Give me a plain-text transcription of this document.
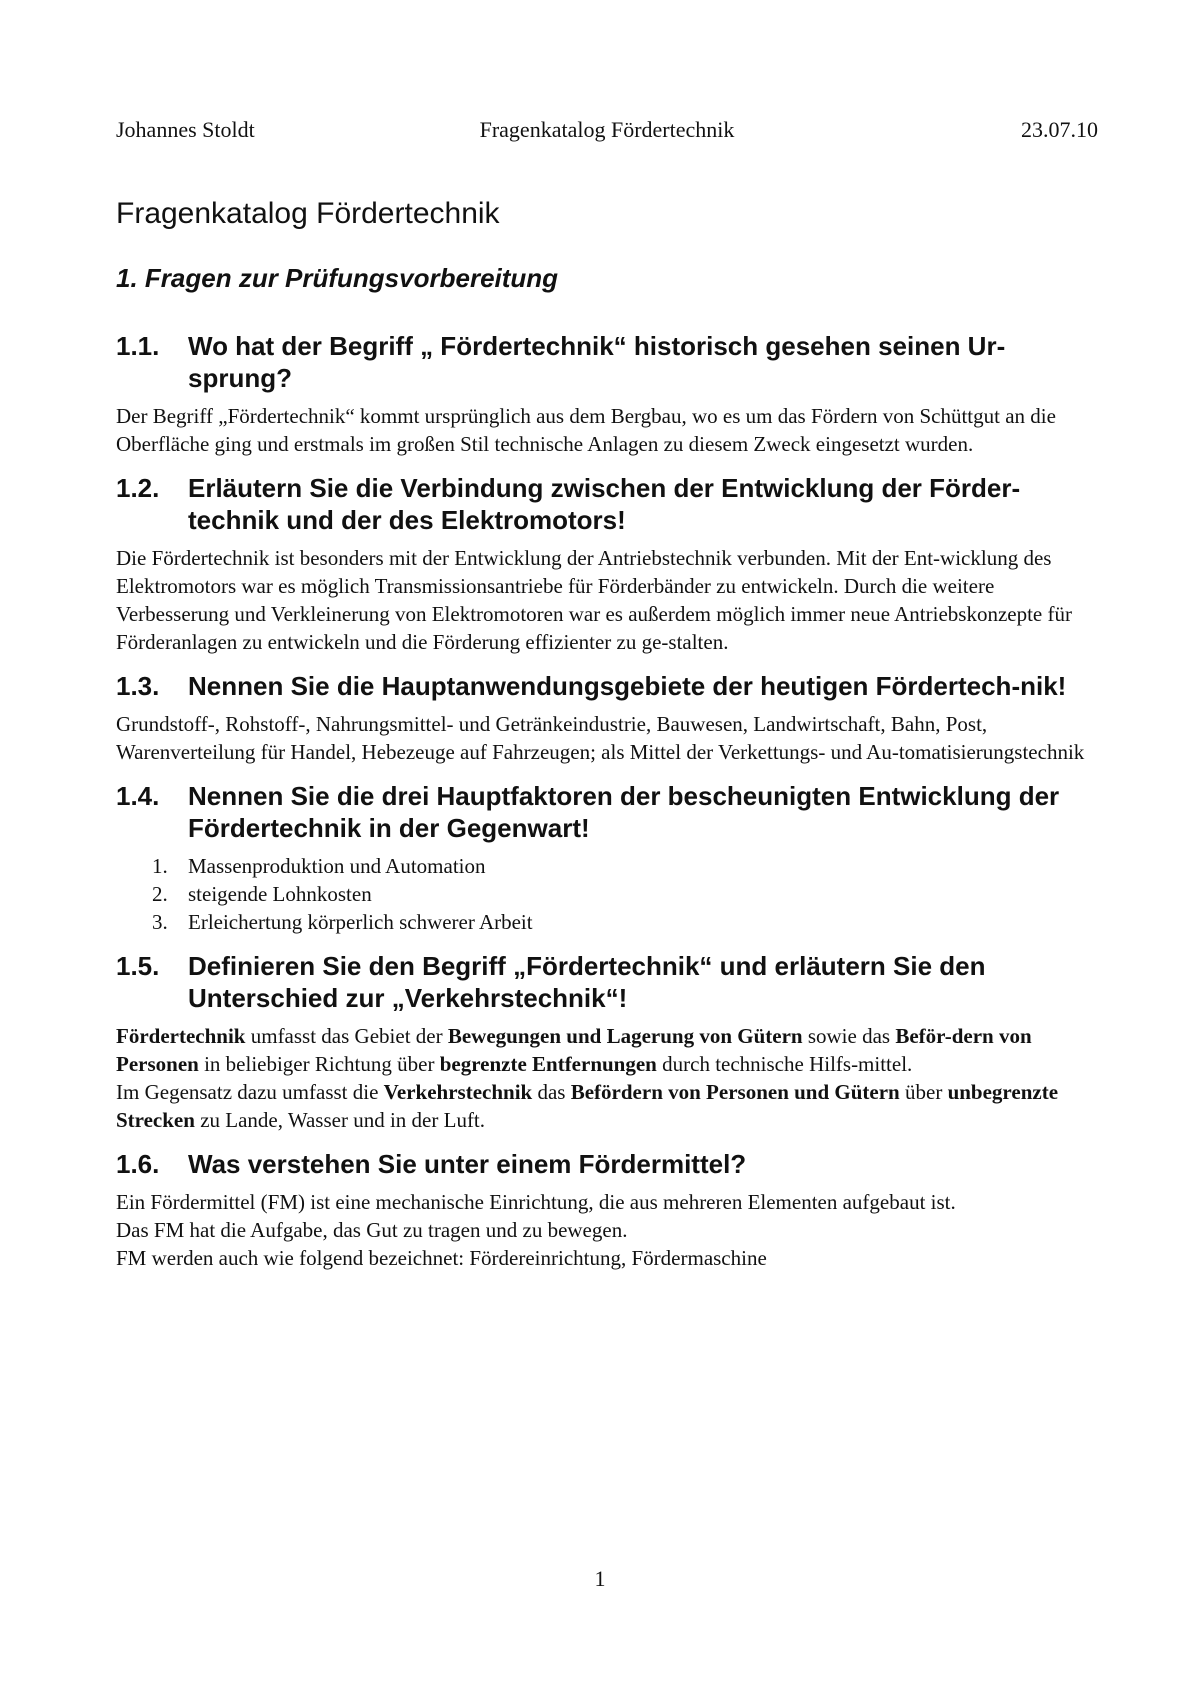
Johannes Stoldt	Fragenkatalog Fördertechnik	23.07.10
Fragenkatalog Fördertechnik
1. Fragen zur Prüfungsvorbereitung
1.1. Wo hat der Begriff „ Fördertechnik“ historisch gesehen seinen Ur-sprung?

Der Begriff „Fördertechnik“ kommt ursprünglich aus dem Bergbau, wo es um das Fördern von Schüttgut an die Oberfläche ging und erstmals im großen Stil technische Anlagen zu diesem Zweck eingesetzt wurden.

1.2. Erläutern Sie die Verbindung zwischen der Entwicklung der Förder-technik und der des Elektromotors!

Die Fördertechnik ist besonders mit der Entwicklung der Antriebstechnik verbunden. Mit der Ent-wicklung des Elektromotors war es möglich Transmissionsantriebe für Förderbänder zu entwickeln. Durch die weitere Verbesserung und Verkleinerung von Elektromotoren war es außerdem möglich immer neue Antriebskonzepte für Förderanlagen zu entwickeln und die Förderung effizienter zu ge-stalten.

1.3. Nennen Sie die Hauptanwendungsgebiete der heutigen Fördertech-nik!

Grundstoff-, Rohstoff-, Nahrungsmittel- und Getränkeindustrie, Bauwesen, Landwirtschaft, Bahn, Post, Warenverteilung für Handel, Hebezeuge auf Fahrzeugen; als Mittel der Verkettungs- und Au-tomatisierungstechnik

1.4. Nennen Sie die drei Hauptfaktoren der bescheunigten Entwicklung der Fördertechnik in der Gegenwart!
1. Massenproduktion und Automation
2. steigende Lohnkosten
3. Erleichertung körperlich schwerer Arbeit
1.5. Definieren Sie den Begriff „Fördertechnik“ und erläutern Sie den Unterschied zur „Verkehrstechnik“!

Fördertechnik umfasst das Gebiet der Bewegungen und Lagerung von Gütern sowie das Beför-dern von Personen in beliebiger Richtung über begrenzte Entfernungen durch technische Hilfs-mittel.

Im Gegensatz dazu umfasst die Verkehrstechnik das Befördern von Personen und Gütern über unbegrenzte Strecken zu Lande, Wasser und in der Luft.

1.6. Was verstehen Sie unter einem Fördermittel?

Ein Fördermittel (FM) ist eine mechanische Einrichtung, die aus mehreren Elementen aufgebaut ist.

Das FM hat die Aufgabe, das Gut zu tragen und zu bewegen.

FM werden auch wie folgend bezeichnet: Fördereinrichtung, Fördermaschine

1
